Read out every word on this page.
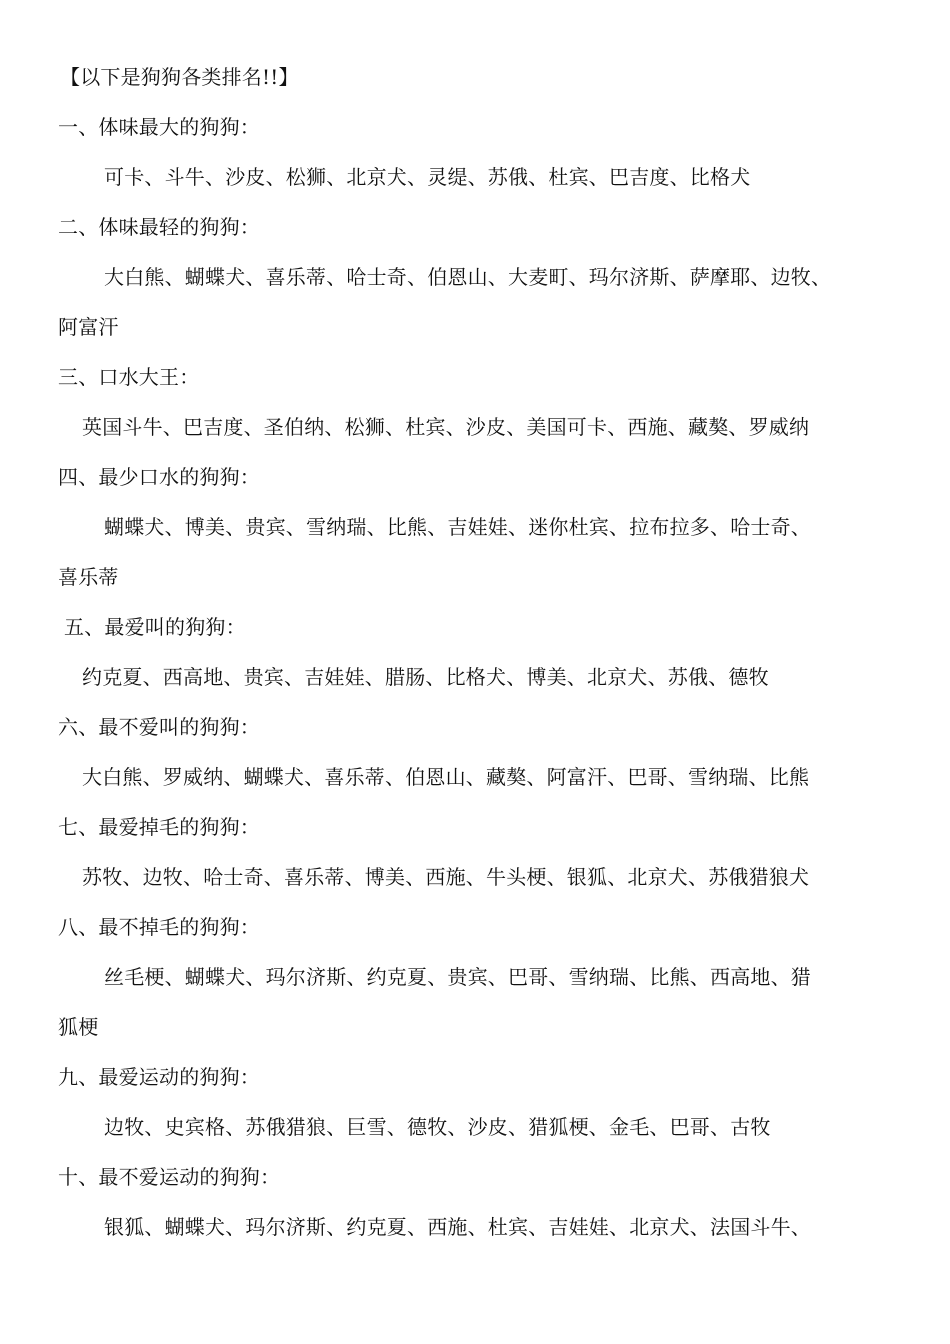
【以下是狗狗各类排名!!】
一、体味最大的狗狗：
可卡、斗牛、沙皮、松狮、北京犬、灵缇、苏俄、杜宾、巴吉度、比格犬
二、体味最轻的狗狗：
大白熊、蝴蝶犬、喜乐蒂、哈士奇、伯恩山、大麦町、玛尔济斯、萨摩耶、边牧、
阿富汗
三、口水大王：
英国斗牛、巴吉度、圣伯纳、松狮、杜宾、沙皮、美国可卡、西施、藏獒、罗威纳
四、最少口水的狗狗：
蝴蝶犬、博美、贵宾、雪纳瑞、比熊、吉娃娃、迷你杜宾、拉布拉多、哈士奇、
喜乐蒂
五、最爱叫的狗狗：
约克夏、西高地、贵宾、吉娃娃、腊肠、比格犬、博美、北京犬、苏俄、德牧
六、最不爱叫的狗狗：
大白熊、罗威纳、蝴蝶犬、喜乐蒂、伯恩山、藏獒、阿富汗、巴哥、雪纳瑞、比熊
七、最爱掉毛的狗狗：
苏牧、边牧、哈士奇、喜乐蒂、博美、西施、牛头梗、银狐、北京犬、苏俄猎狼犬
八、最不掉毛的狗狗：
丝毛梗、蝴蝶犬、玛尔济斯、约克夏、贵宾、巴哥、雪纳瑞、比熊、西高地、猎
狐梗
九、最爱运动的狗狗：
边牧、史宾格、苏俄猎狼、巨雪、德牧、沙皮、猎狐梗、金毛、巴哥、古牧
十、最不爱运动的狗狗：
银狐、蝴蝶犬、玛尔济斯、约克夏、西施、杜宾、吉娃娃、北京犬、法国斗牛、
